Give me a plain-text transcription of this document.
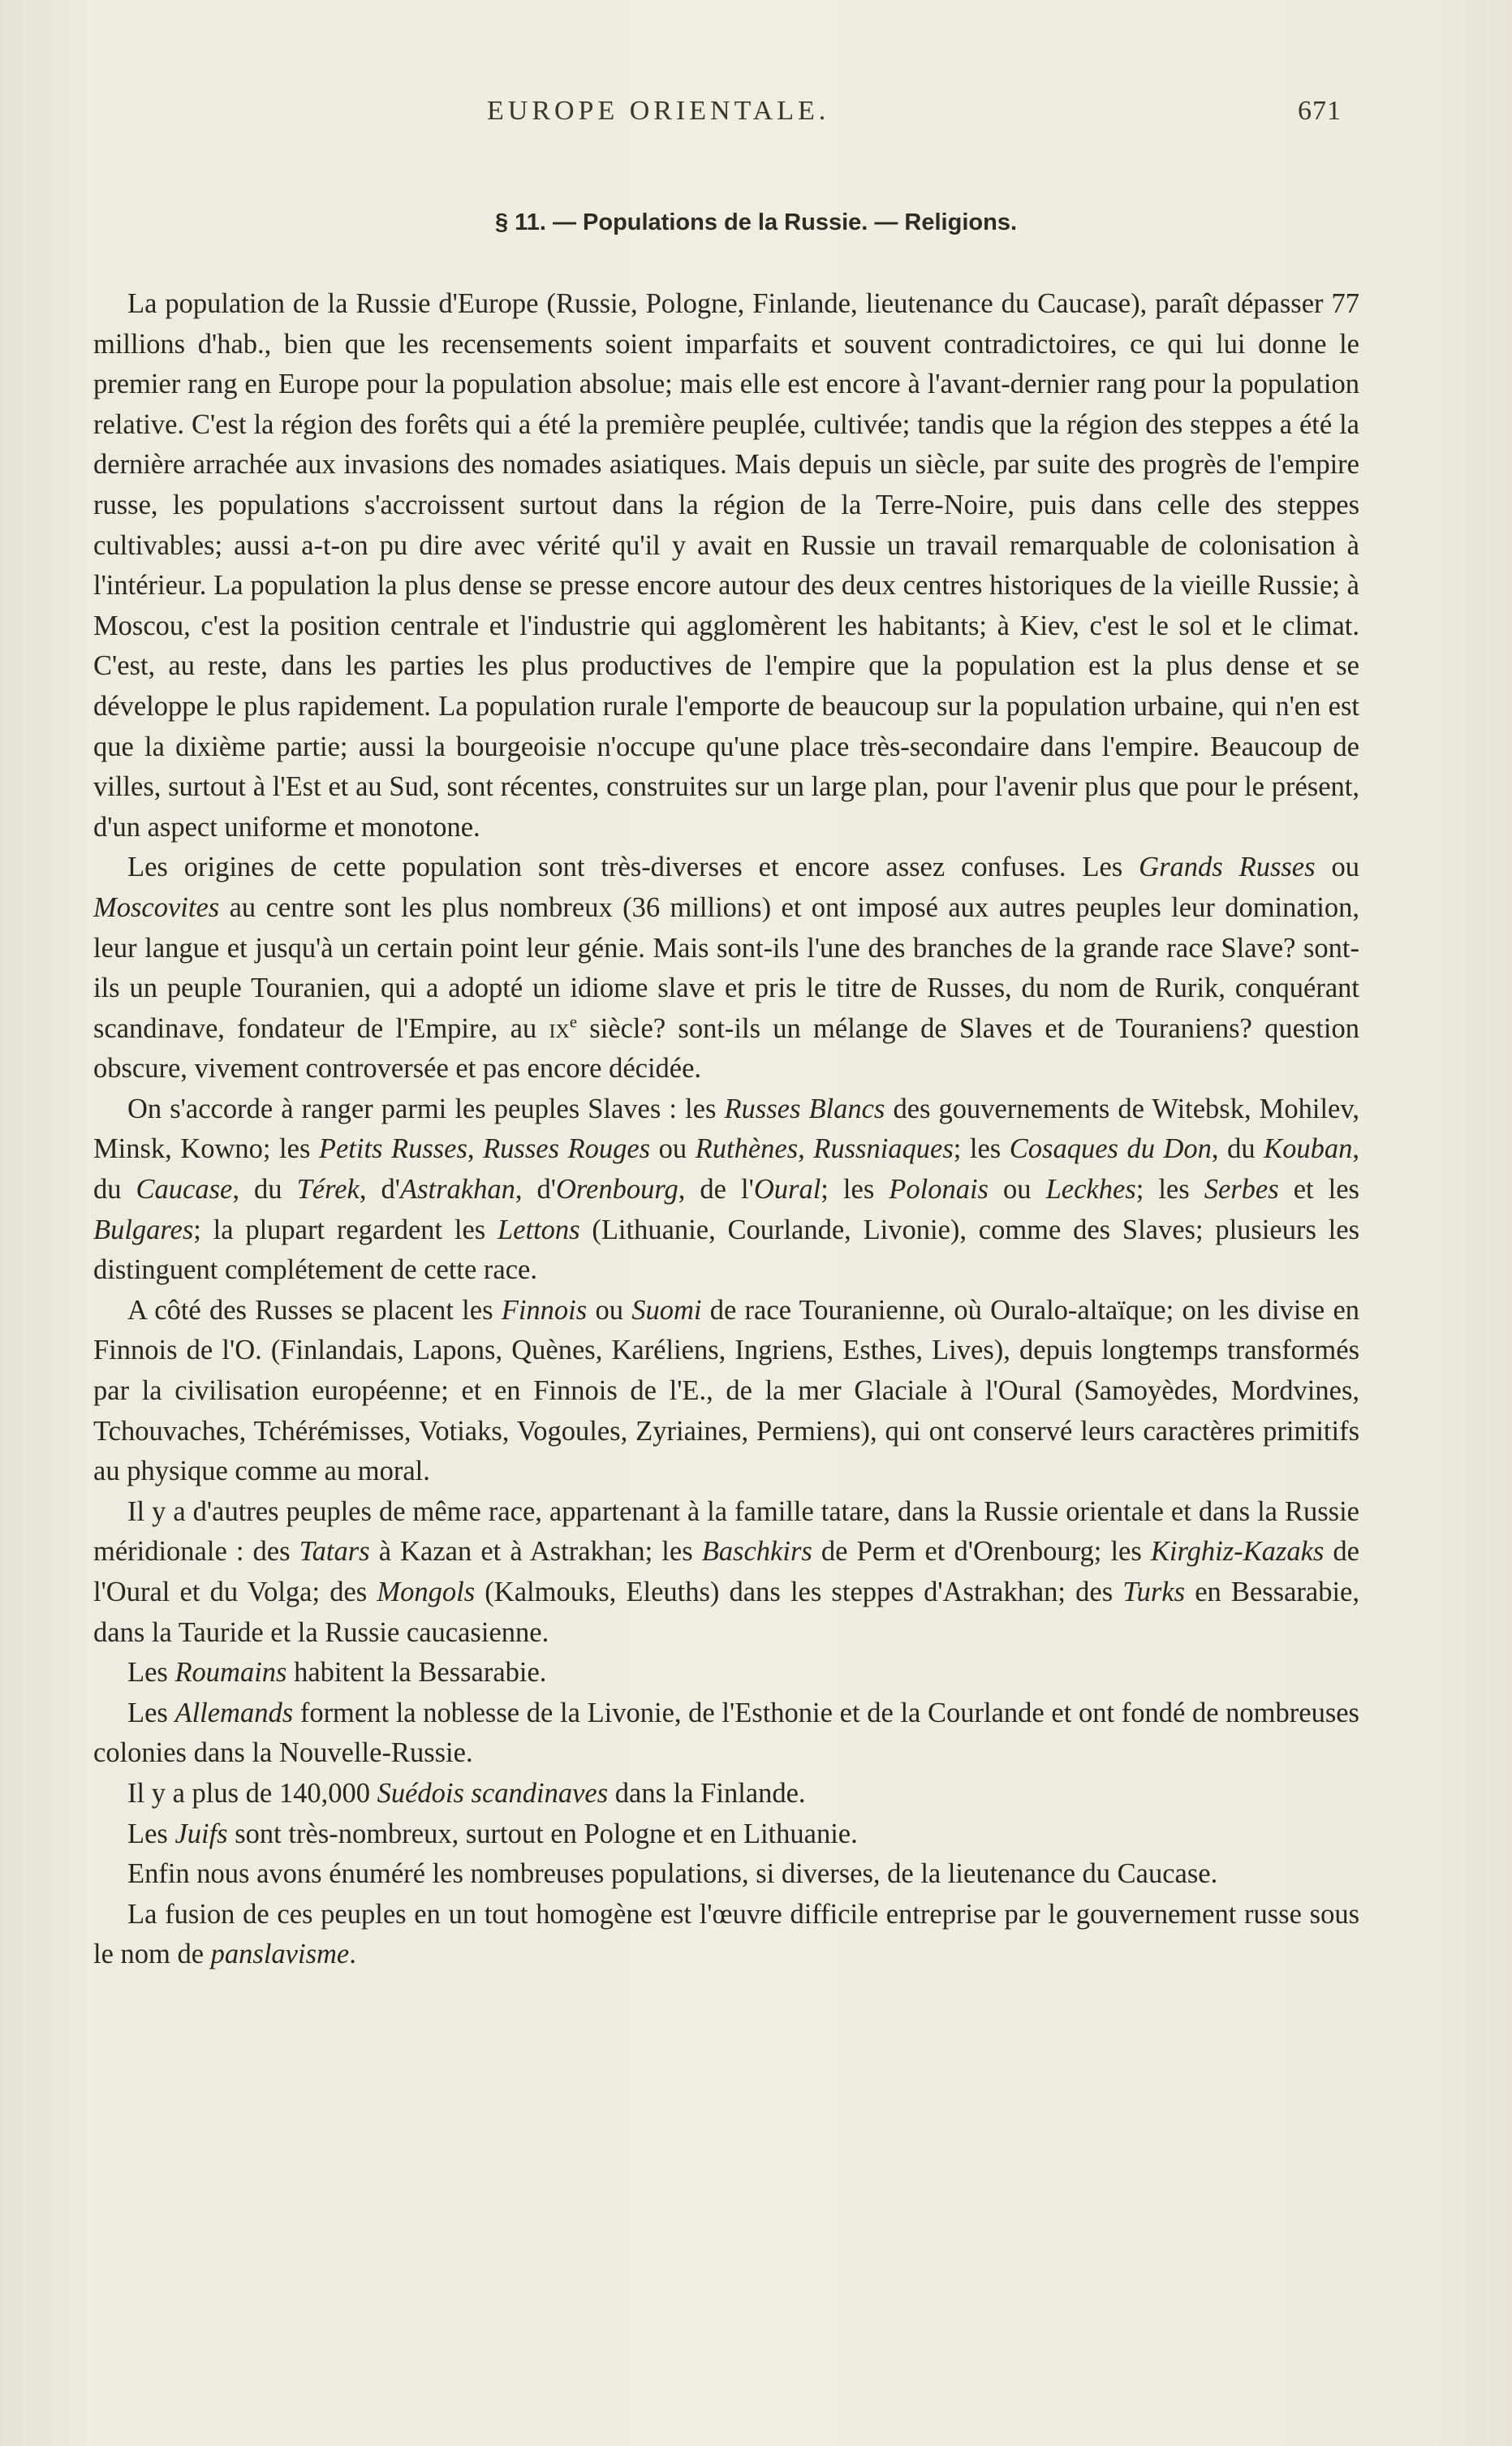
EUROPE ORIENTALE.	671
§ 11. — Populations de la Russie. — Religions.

La population de la Russie d'Europe (Russie, Pologne, Finlande, lieutenance du Caucase), paraît dépasser 77 millions d'hab., bien que les recensements soient imparfaits et souvent contradictoires, ce qui lui donne le premier rang en Europe pour la population absolue; mais elle est encore à l'avant-dernier rang pour la population relative. C'est la région des forêts qui a été la première peuplée, cultivée; tandis que la région des steppes a été la dernière arrachée aux invasions des nomades asiatiques. Mais depuis un siècle, par suite des progrès de l'empire russe, les populations s'accroissent surtout dans la région de la Terre-Noire, puis dans celle des steppes cultivables; aussi a-t-on pu dire avec vérité qu'il y avait en Russie un travail remarquable de colonisation à l'intérieur. La population la plus dense se presse encore autour des deux centres historiques de la vieille Russie; à Moscou, c'est la position centrale et l'industrie qui agglomèrent les habitants; à Kiev, c'est le sol et le climat. C'est, au reste, dans les parties les plus productives de l'empire que la population est la plus dense et se développe le plus rapidement. La population rurale l'emporte de beaucoup sur la population urbaine, qui n'en est que la dixième partie; aussi la bourgeoisie n'occupe qu'une place très-secondaire dans l'empire. Beaucoup de villes, surtout à l'Est et au Sud, sont récentes, construites sur un large plan, pour l'avenir plus que pour le présent, d'un aspect uniforme et monotone.

Les origines de cette population sont très-diverses et encore assez confuses. Les Grands Russes ou Moscovites au centre sont les plus nombreux (36 millions) et ont imposé aux autres peuples leur domination, leur langue et jusqu'à un certain point leur génie. Mais sont-ils l'une des branches de la grande race Slave? sont-ils un peuple Touranien, qui a adopté un idiome slave et pris le titre de Russes, du nom de Rurik, conquérant scandinave, fondateur de l'Empire, au $ix^e$ siècle? sont-ils un mélange de Slaves et de Touraniens? question obscure, vivement controversée et pas encore décidée.

On s'accorde à ranger parmi les peuples Slaves : les Russes Blancs des gouvernements de Witebsk, Mohilev, Minsk, Kowno; les Petits Russes, Russes Rouges ou Ruthènes, Russniaques; les Cosaques du Don, du Kouban, du Caucase, du Térek, d'Astrakhan, d'Orenbourg, de l'Oural; les Polonais ou Leckhes; les Serbes et les Bulgares; la plupart regardent les Lettons (Lithuanie, Courlande, Livonie), comme des Slaves; plusieurs les distinguent complétement de cette race.

A côté des Russes se placent les Finnois ou Suomi de race Touranienne, où Ouralo-altaïque; on les divise en Finnois de l'O. (Finlandais, Lapons, Quènes, Karéliens, Ingriens, Esthes, Lives), depuis longtemps transformés par la civilisation européenne; et en Finnois de l'E., de la mer Glaciale à l'Oural (Samoyèdes, Mordvines, Tchouvaches, Tchérémisses, Votiaks, Vogoules, Zyriaines, Permiens), qui ont conservé leurs caractères primitifs au physique comme au moral.

Il y a d'autres peuples de même race, appartenant à la famille tatare, dans la Russie orientale et dans la Russie méridionale : des Tatars à Kazan et à Astrakhan; les Baschkirs de Perm et d'Orenbourg; les Kirghiz-Kazaks de l'Oural et du Volga; des Mongols (Kalmouks, Eleuths) dans les steppes d'Astrakhan; des Turks en Bessarabie, dans la Tauride et la Russie caucasienne.

Les Roumains habitent la Bessarabie.

Les Allemands forment la noblesse de la Livonie, de l'Esthonie et de la Courlande et ont fondé de nombreuses colonies dans la Nouvelle-Russie.

Il y a plus de 140,000 Suédois scandinaves dans la Finlande.

Les Juifs sont très-nombreux, surtout en Pologne et en Lithuanie.

Enfin nous avons énuméré les nombreuses populations, si diverses, de la lieutenance du Caucase.

La fusion de ces peuples en un tout homogène est l'œuvre difficile entreprise par le gouvernement russe sous le nom de panslavisme.
